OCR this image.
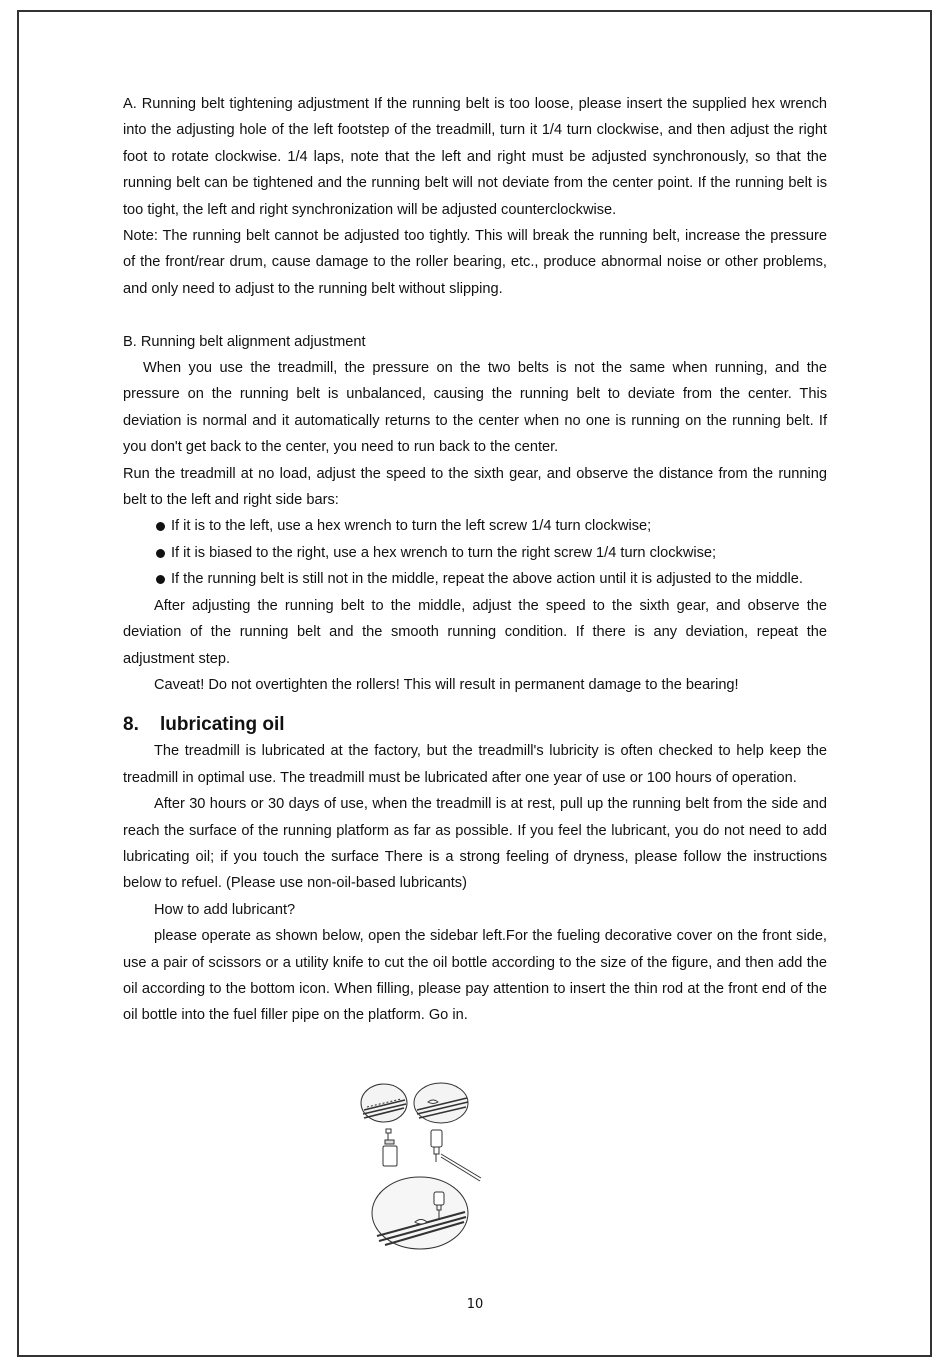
A. Running belt tightening adjustment If the running belt is too loose, please insert the supplied hex wrench into the adjusting hole of the left footstep of the treadmill, turn it 1/4 turn clockwise, and then adjust the right foot to rotate clockwise. 1/4 laps, note that the left and right must be adjusted synchronously, so that the running belt can be tightened and the running belt will not deviate from the center point. If the running belt is too tight, the left and right synchronization will be adjusted counterclockwise.

Note: The running belt cannot be adjusted too tightly. This will break the running belt, increase the pressure of the front/rear drum, cause damage to the roller bearing, etc., produce abnormal noise or other problems, and only need to adjust to the running belt without slipping.

B. Running belt alignment adjustment

When you use the treadmill, the pressure on the two belts is not the same when running, and the pressure on the running belt is unbalanced, causing the running belt to deviate from the center. This deviation is normal and it automatically returns to the center when no one is running on the running belt. If you don't get back to the center, you need to run back to the center.

Run the treadmill at no load, adjust the speed to the sixth gear, and observe the distance from the running belt to the left and right side bars:

If it is to the left, use a hex wrench to turn the left screw 1/4 turn clockwise;
If it is biased to the right, use a hex wrench to turn the right screw 1/4 turn clockwise;
If the running belt is still not in the middle, repeat the above action until it is adjusted to the middle.

After adjusting the running belt to the middle, adjust the speed to the sixth gear, and observe the deviation of the running belt and the smooth running condition. If there is any deviation, repeat the adjustment step.

Caveat! Do not overtighten the rollers! This will result in permanent damage to the bearing!

8. lubricating oil

The treadmill is lubricated at the factory, but the treadmill's lubricity is often checked to help keep the treadmill in optimal use. The treadmill must be lubricated after one year of use or 100 hours of operation.

After 30 hours or 30 days of use, when the treadmill is at rest, pull up the running belt from the side and reach the surface of the running platform as far as possible. If you feel the lubricant, you do not need to add lubricating oil; if you touch the surface There is a strong feeling of dryness, please follow the instructions below to refuel. (Please use non-oil-based lubricants)

How to add lubricant?

please operate as shown below, open the sidebar left.For the fueling decorative cover on the front side, use a pair of scissors or a utility knife to cut the oil bottle according to the size of the figure, and then add the oil according to the bottom icon. When filling, please pay attention to insert the thin rod at the front end of the oil bottle into the fuel filler pipe on the platform. Go in.

10
